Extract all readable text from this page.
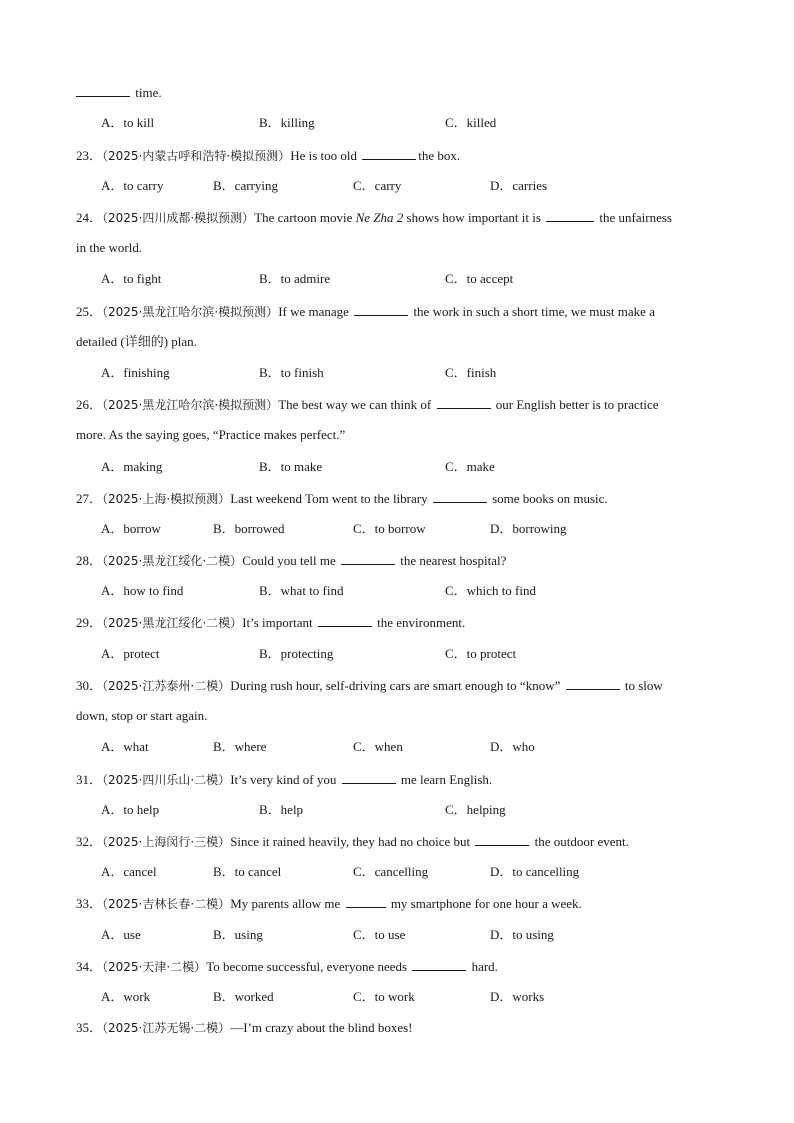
time.
A．to kill	B．killing	C．killed
23．（2025·内蒙古呼和浩特·模拟预测）He is too old	the box.
A．to carry	B．carrying	C．carry	D．carries
24．（2025·四川成都·模拟预测）The cartoon movie Ne Zha 2 shows how important it is	the unfairness
in the world.
A．to fight	B．to admire	C．to accept
25．（2025·黑龙江哈尔滨·模拟预测）If we manage	the work in such a short time, we must make a
detailed (详细的) plan.
A．finishing	B．to finish	C．finish
26．（2025·黑龙江哈尔滨·模拟预测）The best way we can think of	our English better is to practice
more. As the saying goes, “Practice makes perfect.”
A．making	B．to make	C．make
27．（2025·上海·模拟预测）Last weekend Tom went to the library	some books on music.
A．borrow	B．borrowed	C．to borrow	D．borrowing
28．（2025·黑龙江绥化·二模）Could you tell me	the nearest hospital?
A．how to find	B．what to find	C．which to find
29．（2025·黑龙江绥化·二模）It’s important	the environment.
A．protect	B．protecting	C．to protect
30．（2025·江苏泰州·二模）During rush hour, self-driving cars are smart enough to “know”	to slow
down, stop or start again.
A．what	B．where	C．when	D．who
31．（2025·四川乐山·二模）It’s very kind of you	me learn English.
A．to help	B．help	C．helping
32．（2025·上海闵行·三模）Since it rained heavily, they had no choice but	the outdoor event.
A．cancel	B．to cancel	C．cancelling	D．to cancelling
33．（2025·吉林长春·二模）My parents allow me	my smartphone for one hour a week.
A．use	B．using	C．to use	D．to using
34．（2025·天津·二模）To become successful, everyone needs	hard.
A．work	B．worked	C．to work	D．works
35．（2025·江苏无锡·二模）—I’m crazy about the blind boxes!
